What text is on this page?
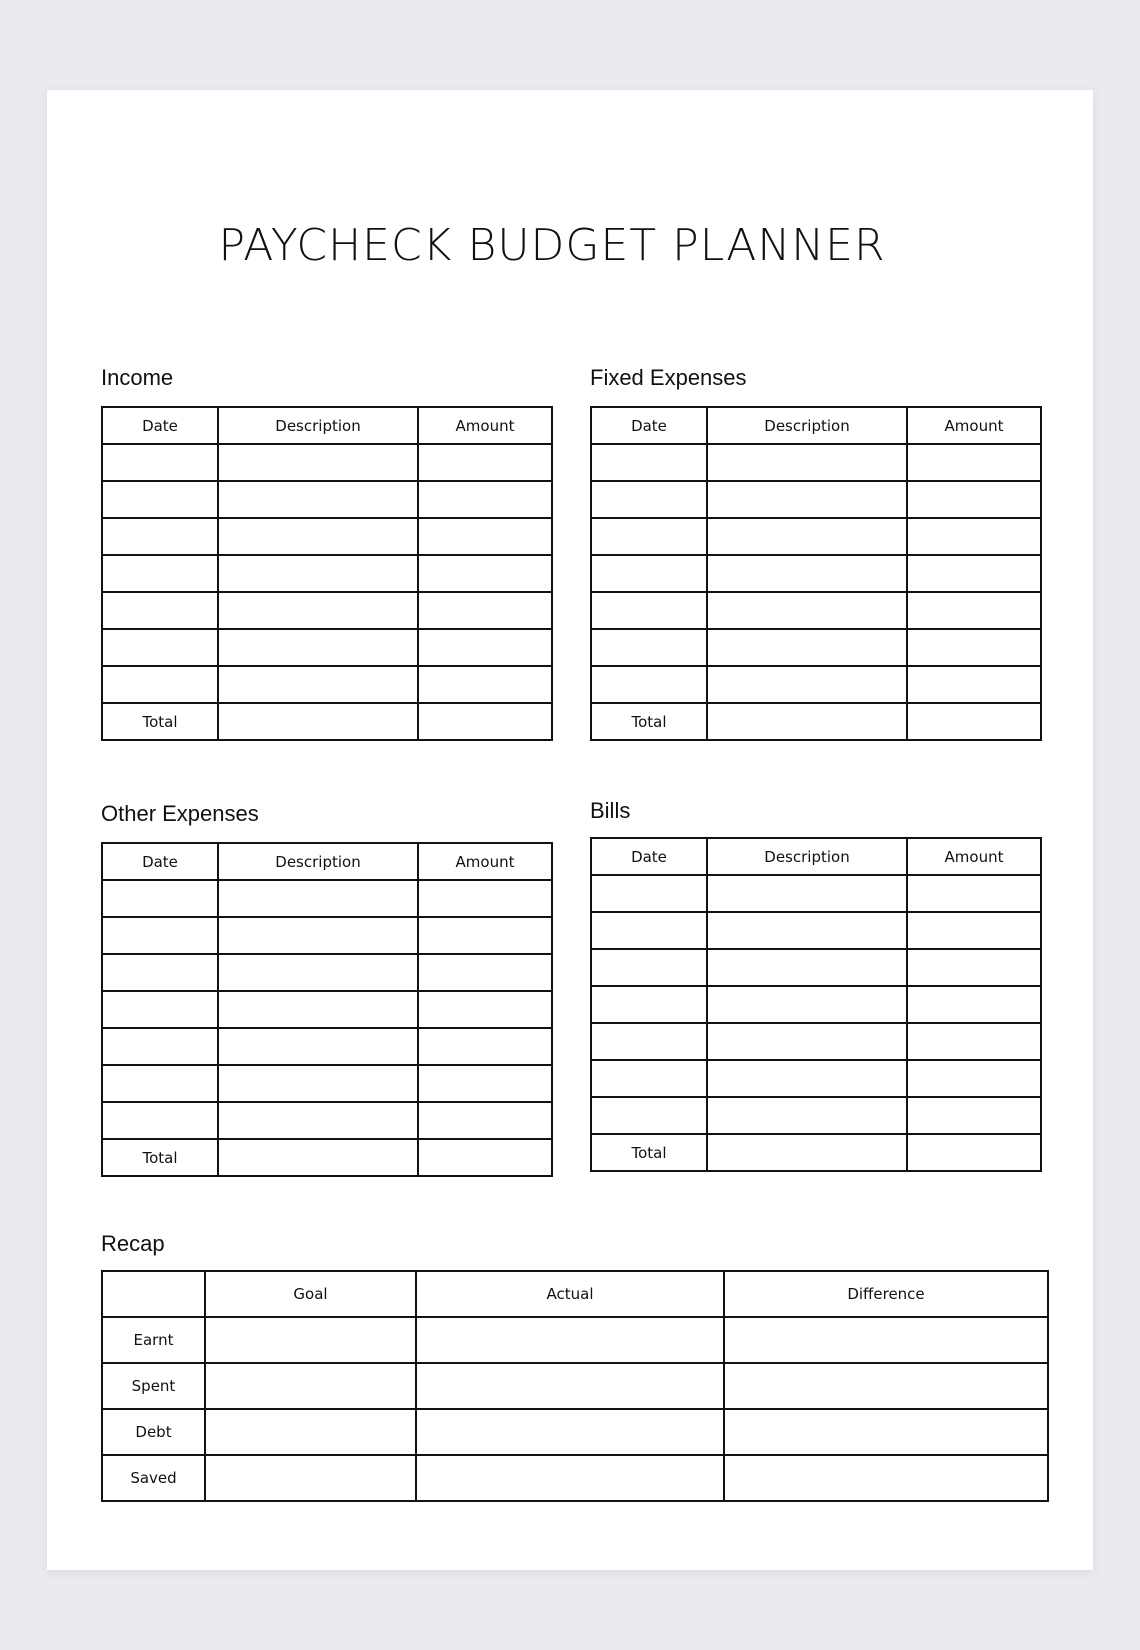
PAYCHECK BUDGET PLANNER
Income
Date	Description	Amount

Total		
Fixed Expenses
Date	Description	Amount

Total		
Other Expenses
Date	Description	Amount

Total		
Bills
Date	Description	Amount

Total		
Recap
	Goal	Actual	Difference
Earnt			
Spent			
Debt			
Saved			
